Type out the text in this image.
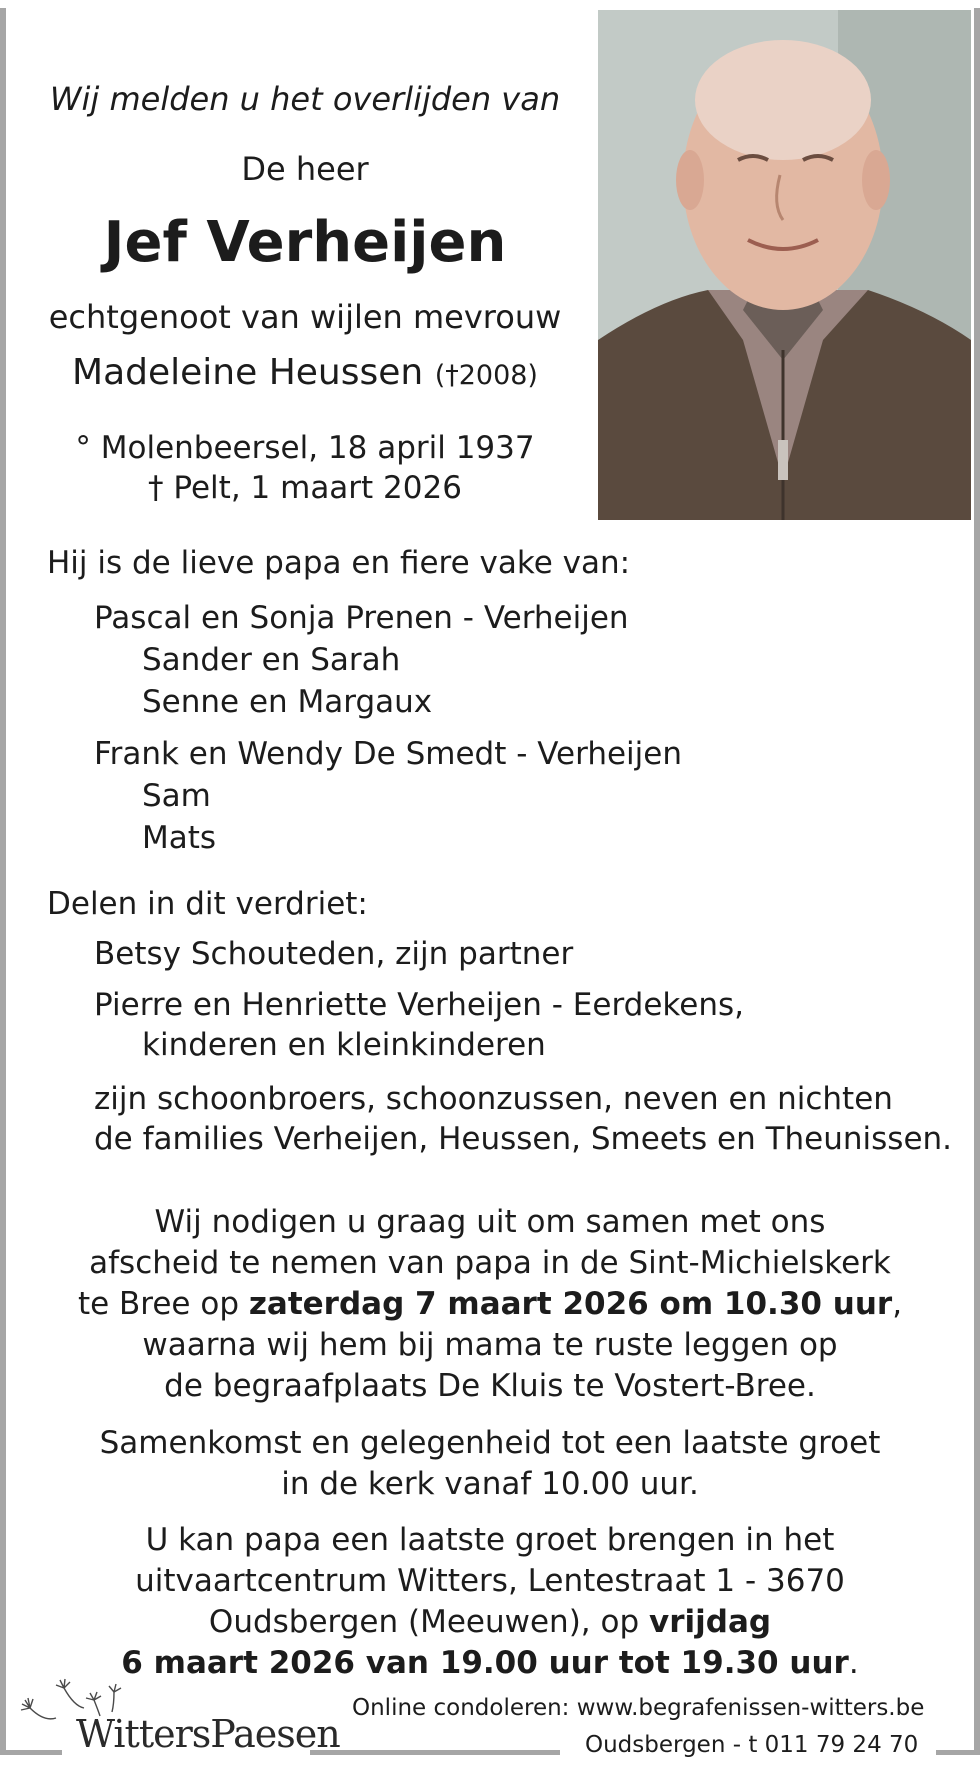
Wij melden u het overlijden van
De heer
Jef Verheijen
echtgenoot van wijlen mevrouw
Madeleine Heussen (†2008)
° Molenbeersel, 18 april 1937
† Pelt, 1 maart 2026
Hij is de lieve papa en fiere vake van:
Pascal en Sonja Prenen - Verheijen
Sander en Sarah
Senne en Margaux
Frank en Wendy De Smedt - Verheijen
Sam
Mats
Delen in dit verdriet:
Betsy Schouteden, zijn partner
Pierre en Henriette Verheijen - Eerdekens,
kinderen en kleinkinderen
zijn schoonbroers, schoonzussen, neven en nichten
de families Verheijen, Heussen, Smeets en Theunissen.
Wij nodigen u graag uit om samen met ons
afscheid te nemen van papa in de Sint-Michielskerk
te Bree op zaterdag 7 maart 2026 om 10.30 uur,
waarna wij hem bij mama te ruste leggen op
de begraafplaats De Kluis te Vostert-Bree.
Samenkomst en gelegenheid tot een laatste groet
in de kerk vanaf 10.00 uur.
U kan papa een laatste groet brengen in het
uitvaartcentrum Witters, Lentestraat 1 - 3670
Oudsbergen (Meeuwen), op vrijdag
6 maart 2026 van 19.00 uur tot 19.30 uur.
WittersPaesen
Online condoleren: www.begrafenissen-witters.be
Oudsbergen - t 011 79 24 70
